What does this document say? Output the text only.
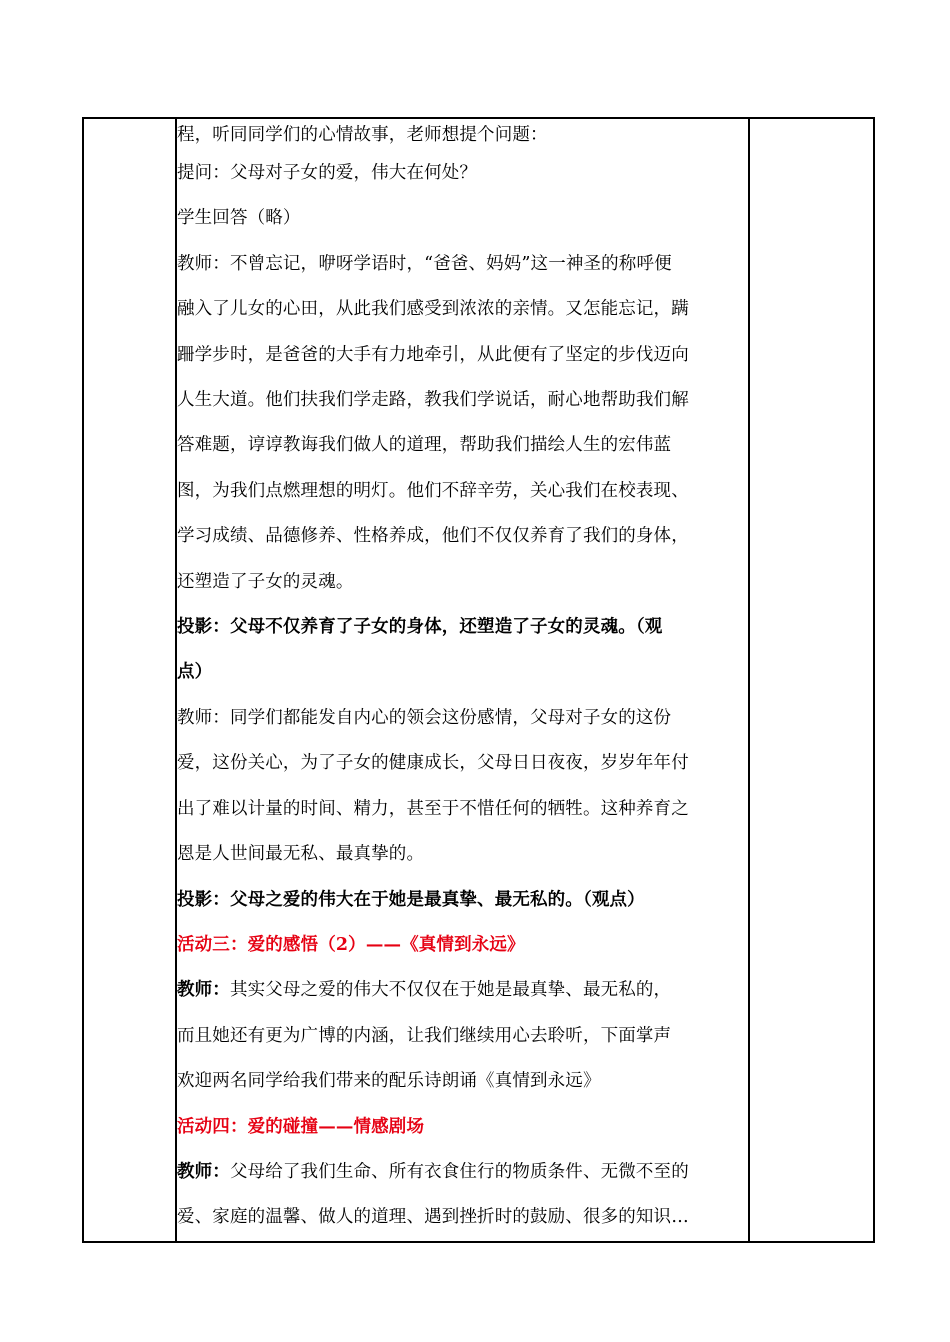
程，听同同学们的心情故事，老师想提个问题：
提问：父母对子女的爱，伟大在何处？
学生回答（略）
教师：不曾忘记，咿呀学语时，“爸爸、妈妈”这一神圣的称呼便
融入了儿女的心田，从此我们感受到浓浓的亲情。又怎能忘记，蹒
跚学步时，是爸爸的大手有力地牵引，从此便有了坚定的步伐迈向
人生大道。他们扶我们学走路，教我们学说话，耐心地帮助我们解
答难题，谆谆教诲我们做人的道理，帮助我们描绘人生的宏伟蓝
图，为我们点燃理想的明灯。他们不辞辛劳，关心我们在校表现、
学习成绩、品德修养、性格养成，他们不仅仅养育了我们的身体，
还塑造了子女的灵魂。
投影：父母不仅养育了子女的身体，还塑造了子女的灵魂。（观
点）
教师：同学们都能发自内心的领会这份感情，父母对子女的这份
爱，这份关心，为了子女的健康成长，父母日日夜夜，岁岁年年付
出了难以计量的时间、精力，甚至于不惜任何的牺牲。这种养育之
恩是人世间最无私、最真挚的。
投影：父母之爱的伟大在于她是最真挚、最无私的。（观点）
活动三：爱的感悟（2）——《真情到永远》
教师：其实父母之爱的伟大不仅仅在于她是最真挚、最无私的，
而且她还有更为广博的内涵，让我们继续用心去聆听，下面掌声
欢迎两名同学给我们带来的配乐诗朗诵《真情到永远》
活动四：爱的碰撞——情感剧场
教师：父母给了我们生命、所有衣食住行的物质条件、无微不至的
爱、家庭的温馨、做人的道理、遇到挫折时的鼓励、很多的知识…
